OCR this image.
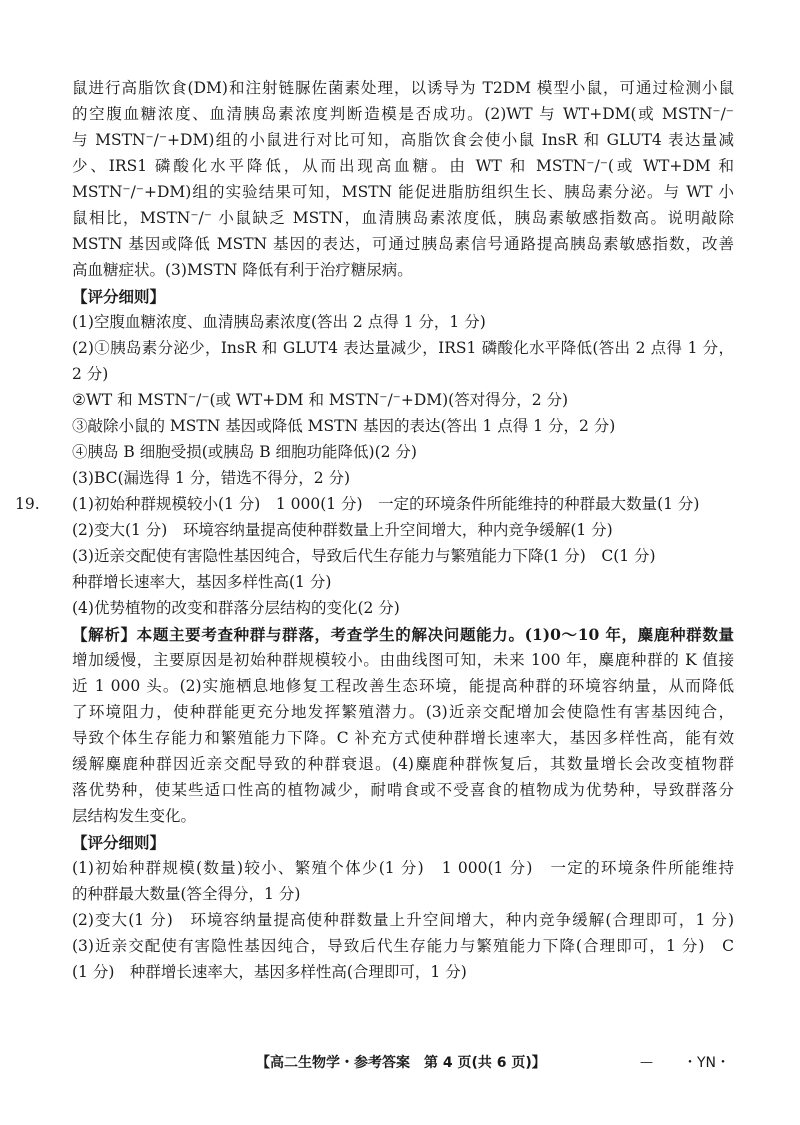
鼠进行高脂饮食(DM)和注射链脲佐菌素处理，以诱导为 T2DM 模型小鼠，可通过检测小鼠
的空腹血糖浓度、血清胰岛素浓度判断造模是否成功。(2)WT 与 WT+DM(或 MSTN⁻/⁻
与 MSTN⁻/⁻+DM)组的小鼠进行对比可知，高脂饮食会使小鼠 InsR 和 GLUT4 表达量减
少、IRS1 磷酸化水平降低，从而出现高血糖。由 WT 和 MSTN⁻/⁻(或 WT+DM 和
MSTN⁻/⁻+DM)组的实验结果可知，MSTN 能促进脂肪组织生长、胰岛素分泌。与 WT 小
鼠相比，MSTN⁻/⁻ 小鼠缺乏 MSTN，血清胰岛素浓度低，胰岛素敏感指数高。说明敲除
MSTN 基因或降低 MSTN 基因的表达，可通过胰岛素信号通路提高胰岛素敏感指数，改善
高血糖症状。(3)MSTN 降低有利于治疗糖尿病。
【评分细则】
(1)空腹血糖浓度、血清胰岛素浓度(答出 2 点得 1 分，1 分)
(2)①胰岛素分泌少，InsR 和 GLUT4 表达量减少，IRS1 磷酸化水平降低(答出 2 点得 1 分，
2 分)
②WT 和 MSTN⁻/⁻(或 WT+DM 和 MSTN⁻/⁻+DM)(答对得分，2 分)
③敲除小鼠的 MSTN 基因或降低 MSTN 基因的表达(答出 1 点得 1 分，2 分)
④胰岛 B 细胞受损(或胰岛 B 细胞功能降低)(2 分)
(3)BC(漏选得 1 分，错选不得分，2 分)
19. (1)初始种群规模较小(1 分)　1 000(1 分)　一定的环境条件所能维持的种群最大数量(1 分)
(2)变大(1 分)　环境容纳量提高使种群数量上升空间增大，种内竞争缓解(1 分)
(3)近亲交配使有害隐性基因纯合，导致后代生存能力与繁殖能力下降(1 分)　C(1 分)
种群增长速率大，基因多样性高(1 分)
(4)优势植物的改变和群落分层结构的变化(2 分)
【解析】本题主要考查种群与群落，考查学生的解决问题能力。(1)0～10 年，麋鹿种群数量
增加缓慢，主要原因是初始种群规模较小。由曲线图可知，未来 100 年，麋鹿种群的 K 值接
近 1 000 头。(2)实施栖息地修复工程改善生态环境，能提高种群的环境容纳量，从而降低
了环境阻力，使种群能更充分地发挥繁殖潜力。(3)近亲交配增加会使隐性有害基因纯合，
导致个体生存能力和繁殖能力下降。C 补充方式使种群增长速率大，基因多样性高，能有效
缓解麋鹿种群因近亲交配导致的种群衰退。(4)麋鹿种群恢复后，其数量增长会改变植物群
落优势种，使某些适口性高的植物减少，耐啃食或不受喜食的植物成为优势种，导致群落分
层结构发生变化。
【评分细则】
(1)初始种群规模(数量)较小、繁殖个体少(1 分)　1 000(1 分)　一定的环境条件所能维持
的种群最大数量(答全得分，1 分)
(2)变大(1 分)　环境容纳量提高使种群数量上升空间增大，种内竞争缓解(合理即可，1 分)
(3)近亲交配使有害隐性基因纯合，导致后代生存能力与繁殖能力下降(合理即可，1 分)　C
(1 分)　种群增长速率大，基因多样性高(合理即可，1 分)
【高二生物学・参考答案　第 4 页(共 6 页)】	— ・YN・
